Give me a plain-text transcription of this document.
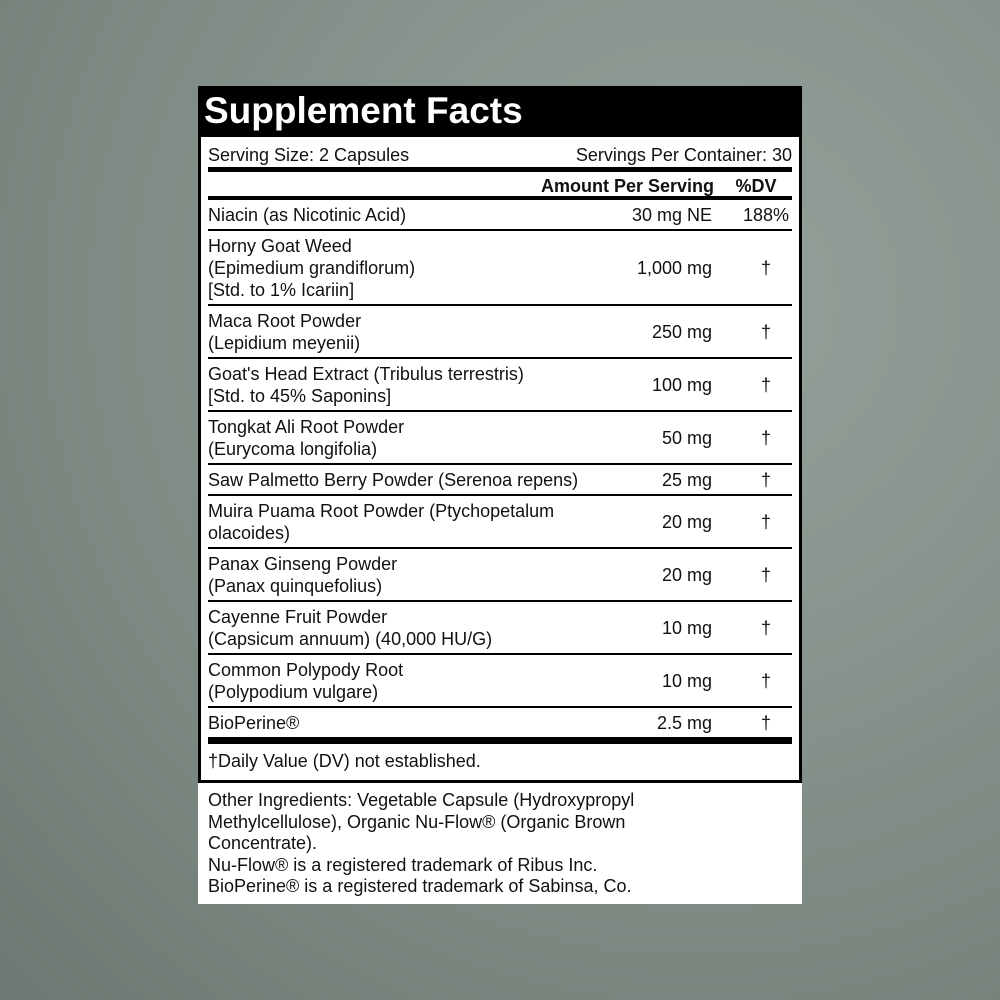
Supplement Facts
Serving Size: 2 Capsules	Servings Per Container: 30
Amount Per Serving	%DV
Niacin (as Nicotinic Acid)	30 mg NE	188%
Horny Goat Weed
(Epimedium grandiflorum)
[Std. to 1% Icariin]
1,000 mg	†
Maca Root Powder
(Lepidium meyenii)
250 mg	†
Goat's Head Extract (Tribulus terrestris)
[Std. to 45% Saponins]
100 mg	†
Tongkat Ali Root Powder
(Eurycoma longifolia)
50 mg	†
Saw Palmetto Berry Powder (Serenoa repens)	25 mg	†
Muira Puama Root Powder (Ptychopetalum
olacoides)
20 mg	†
Panax Ginseng Powder
(Panax quinquefolius)
20 mg	†
Cayenne Fruit Powder
(Capsicum annuum) (40,000 HU/G)
10 mg	†
Common Polypody Root
(Polypodium vulgare)
10 mg	†
BioPerine®	2.5 mg	†
†Daily Value (DV) not established.
Other Ingredients: Vegetable Capsule (Hydroxypropyl
Methylcellulose), Organic Nu-Flow® (Organic Brown
Concentrate).
Nu-Flow® is a registered trademark of Ribus Inc.
BioPerine® is a registered trademark of Sabinsa, Co.
